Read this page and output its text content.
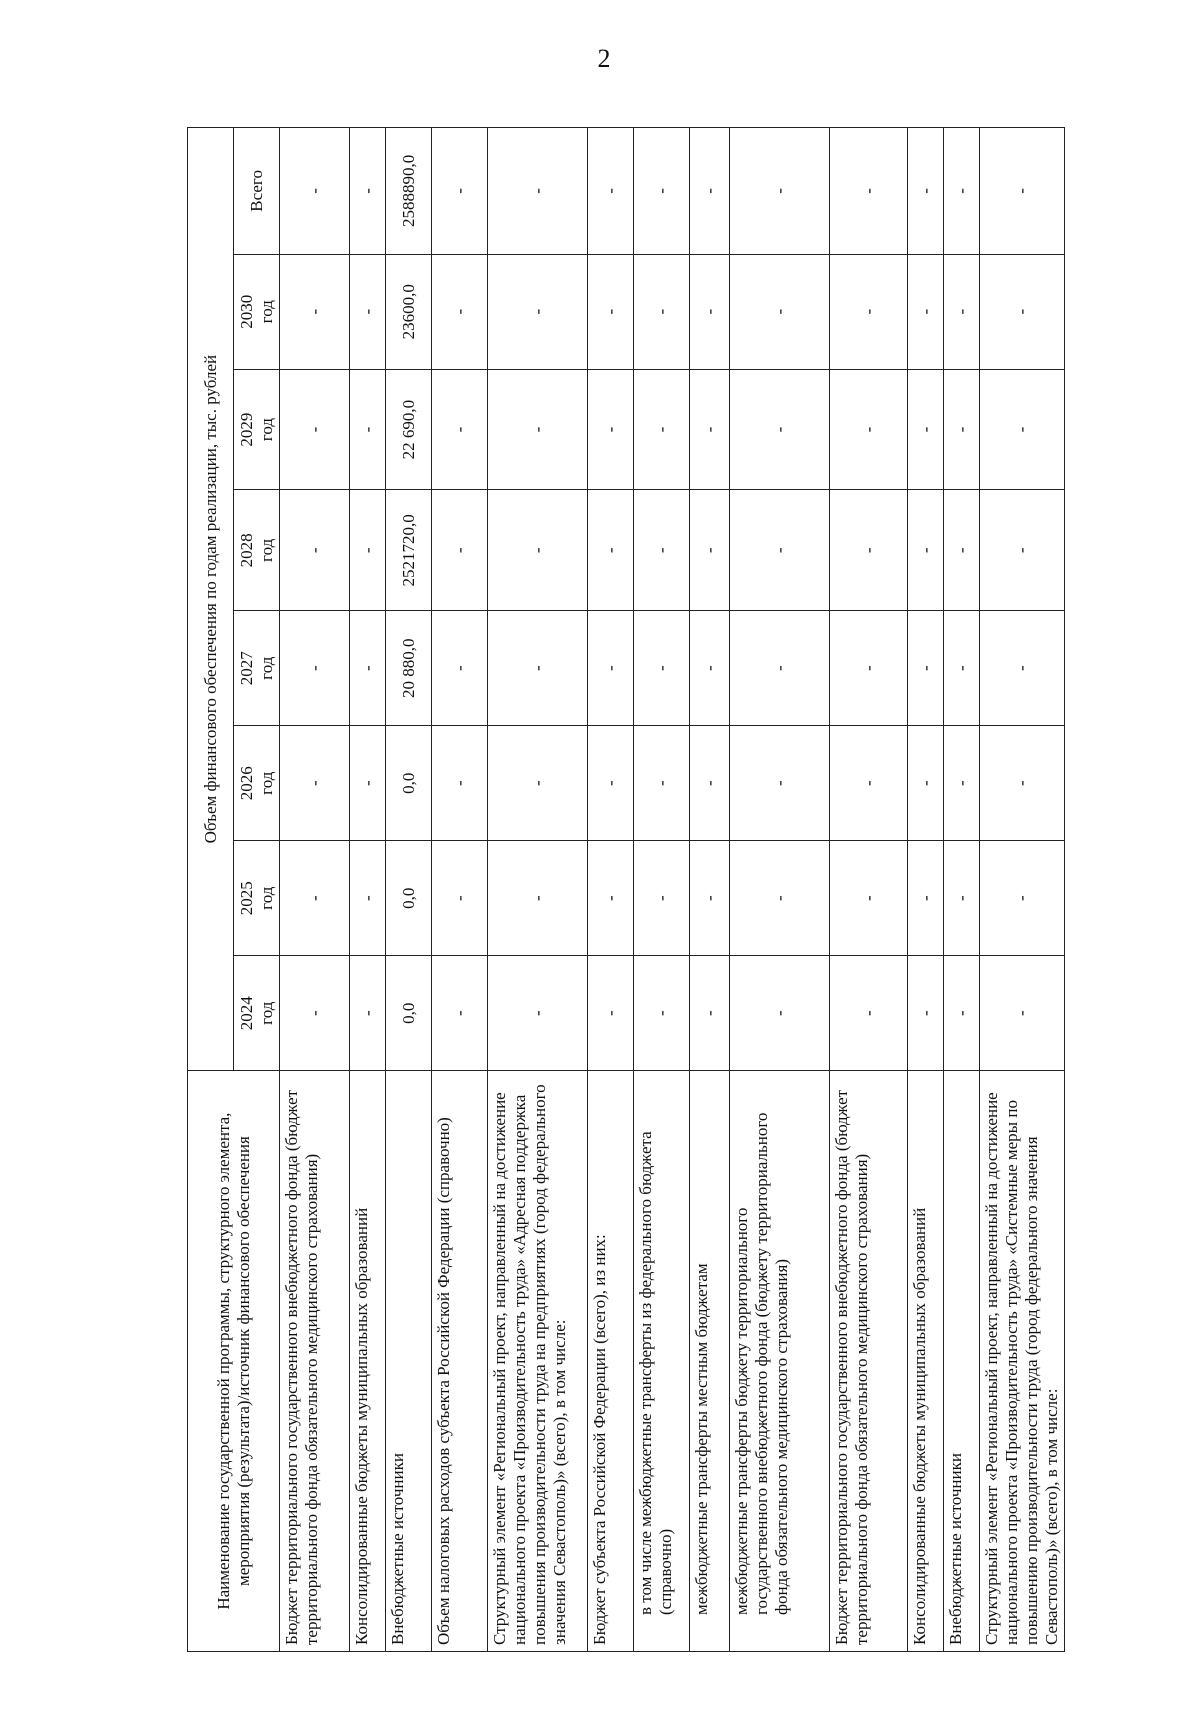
2
Наименование государственной программы, структурного элемента, мероприятия (результата)/источник финансового обеспечения	Объем финансового обеспечения по годам реализации, тыс. рублей							

	2024 год	2025 год	2026 год	2027 год	2028 год	2029 год	2030 год	Всего
Бюджет территориального государственного внебюджетного фонда (бюджет территориального фонда обязательного медицинского страхования)	-	-	-	-	-	-	-	-
Консолидированные бюджеты муниципальных образований	-	-	-	-	-	-	-	-
Внебюджетные источники	0,0	0,0	0,0	20 880,0	2521720,0	22 690,0	23600,0	2588890,0
Объем налоговых расходов субъекта Российской Федерации (справочно)	-	-	-	-	-	-	-	-
Структурный элемент «Региональный проект, направленный на достижение национального проекта «Производительность труда» «Адресная поддержка повышения производительности труда на предприятиях (город федерального значения Севастополь)» (всего), в том числе:	-	-	-	-	-	-	-	-
Бюджет субъекта Российской Федерации (всего), из них:	-	-	-	-	-	-	-	-
в том числе межбюджетные трансферты из федерального бюджета (справочно)	-	-	-	-	-	-	-	-
межбюджетные трансферты местным бюджетам	-	-	-	-	-	-	-	-
межбюджетные трансферты бюджету территориального государственного внебюджетного фонда (бюджету территориального фонда обязательного медицинского страхования)	-	-	-	-	-	-	-	-
Бюджет территориального государственного внебюджетного фонда (бюджет территориального фонда обязательного медицинского страхования)	-	-	-	-	-	-	-	-
Консолидированные бюджеты муниципальных образований	-	-	-	-	-	-	-	-
Внебюджетные источники	-	-	-	-	-	-	-	-
Структурный элемент «Региональный проект, направленный на достижение национального проекта «Производительность труда» «Системные меры по повышению производительности труда (город федерального значения Севастополь)» (всего), в том числе:	-	-	-	-	-	-	-	-
